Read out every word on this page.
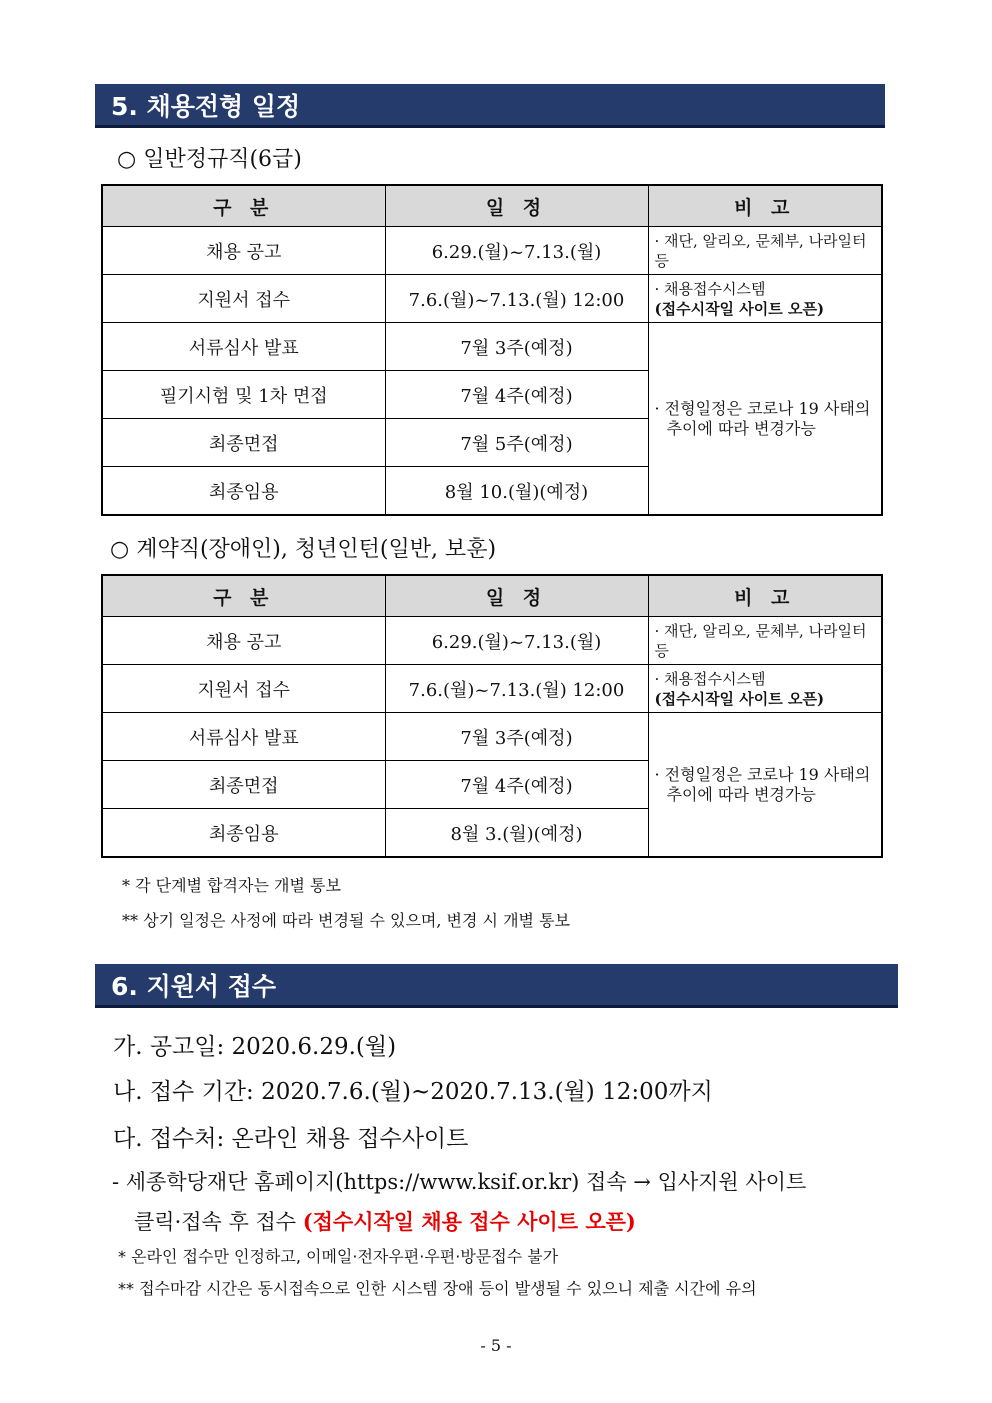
5. 채용전형 일정
○ 일반정규직(6급)
구 분	일 정	비 고
채용 공고	6.29.(월)~7.13.(월)	· 재단, 알리오, 문체부, 나라일터 등
지원서 접수	7.6.(월)~7.13.(월) 12:00	· 채용접수시스템
(접수시작일 사이트 오픈)

서류심사 발표	7월 3주(예정)	· 전형일정은 코로나 19 사태의
추이에 따라 변경가능

필기시험 및 1차 면접	7월 4주(예정)	
최종면접	7월 5주(예정)	
최종임용	8월 10.(월)(예정)	
○ 계약직(장애인), 청년인턴(일반, 보훈)
구 분	일 정	비 고
채용 공고	6.29.(월)~7.13.(월)	· 재단, 알리오, 문체부, 나라일터 등
지원서 접수	7.6.(월)~7.13.(월) 12:00	· 채용접수시스템
(접수시작일 사이트 오픈)

서류심사 발표	7월 3주(예정)	· 전형일정은 코로나 19 사태의
추이에 따라 변경가능

최종면접	7월 4주(예정)	
최종임용	8월 3.(월)(예정)	
* 각 단계별 합격자는 개별 통보
** 상기 일정은 사정에 따라 변경될 수 있으며, 변경 시 개별 통보
6. 지원서 접수
가. 공고일: 2020.6.29.(월)
나. 접수 기간: 2020.7.6.(월)~2020.7.13.(월) 12:00까지
다. 접수처: 온라인 채용 접수사이트
- 세종학당재단 홈페이지(https://www.ksif.or.kr) 접속 → 입사지원 사이트
클릭·접속 후 접수 (접수시작일 채용 접수 사이트 오픈)
* 온라인 접수만 인정하고, 이메일·전자우편·우편·방문접수 불가
** 접수마감 시간은 동시접속으로 인한 시스템 장애 등이 발생될 수 있으니 제출 시간에 유의
- 5 -
